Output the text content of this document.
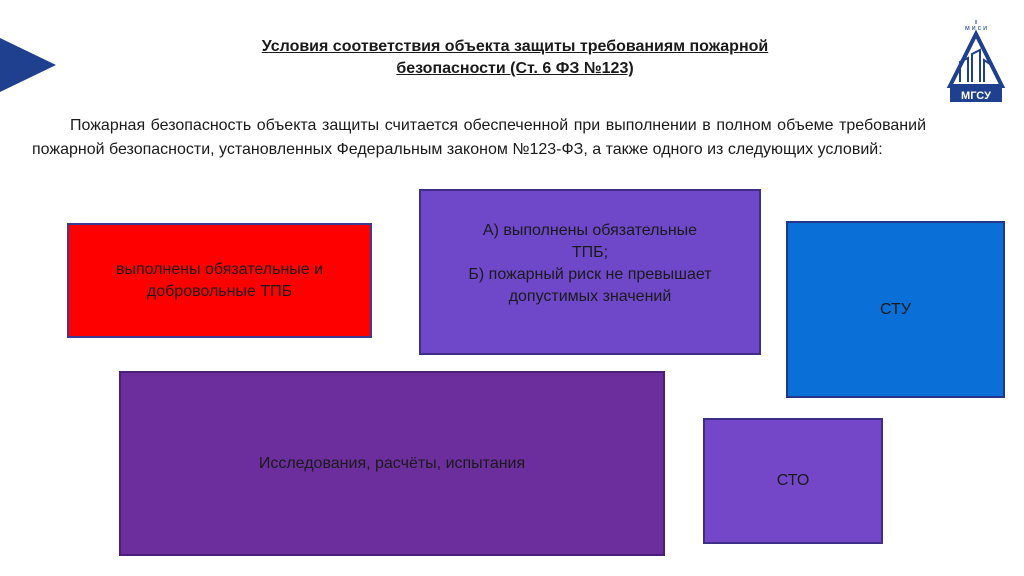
м и с и
МГСУ
Условия соответствия объекта защиты требованиям пожарной
безопасности (Ст. 6 ФЗ №123)

Пожарная безопасность объекта защиты считается обеспеченной при выполнении в полном объеме требований пожарной безопасности, установленных Федеральным законом №123-ФЗ, а также одного из следующих условий:

выполнены обязательные и
добровольные ТПБ
А) выполнены обязательные
ТПБ;
Б) пожарный риск не превышает
допустимых значений
СТУ
Исследования, расчёты, испытания
СТО
